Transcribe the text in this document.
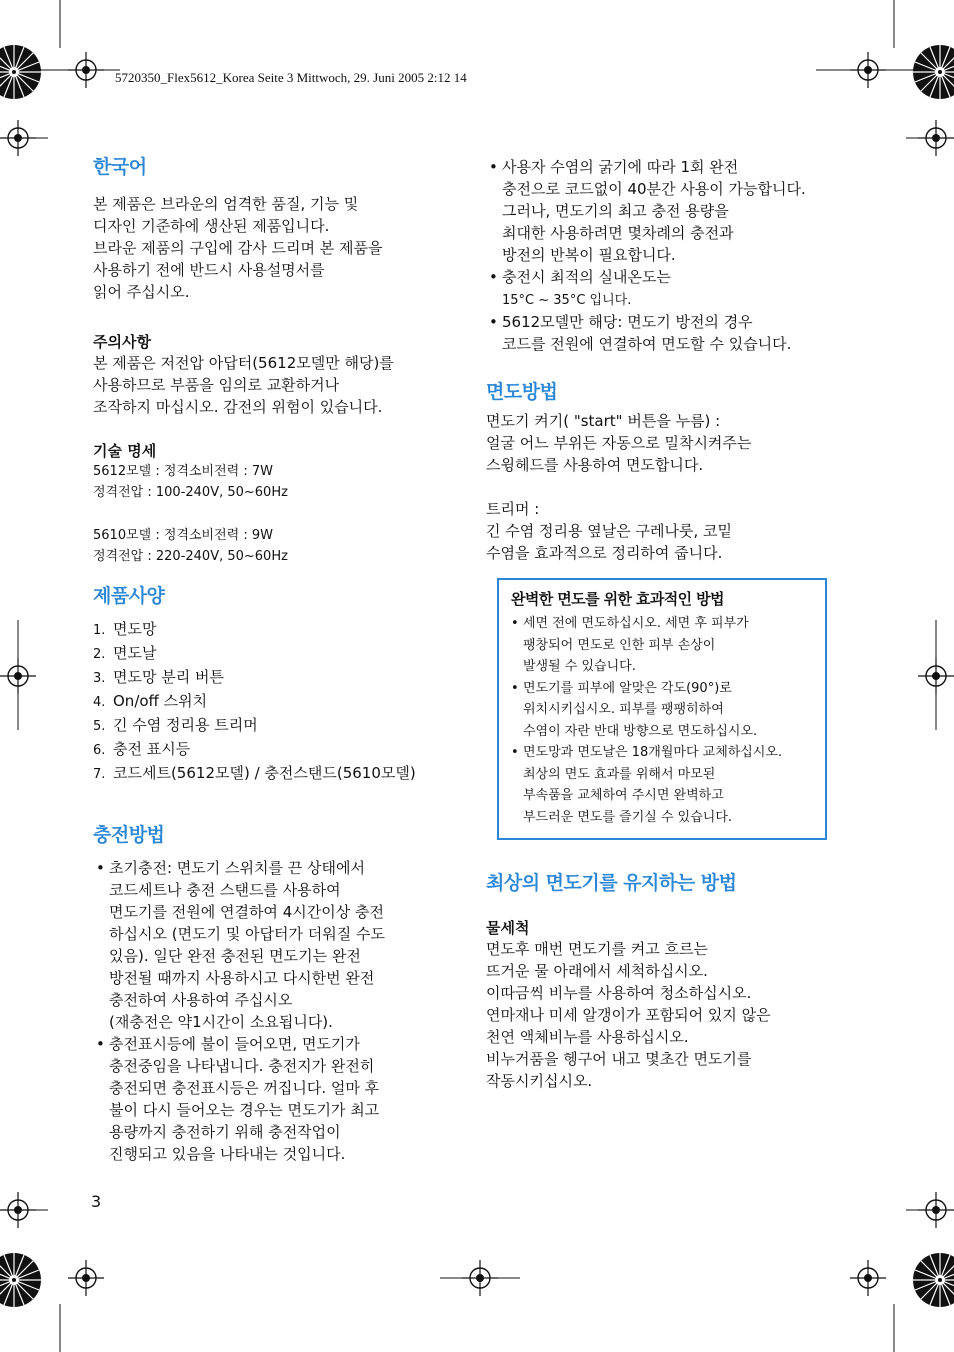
5720350_Flex5612_Korea Seite 3 Mittwoch, 29. Juni 2005 2:12 14
한국어

본 제품은 브라운의 엄격한 품질, 기능 및

디자인 기준하에 생산된 제품입니다.

브라운 제품의 구입에 감사 드리며 본 제품을

사용하기 전에 반드시 사용설명서를

읽어 주십시오.

주의사항

본 제품은 저전압 아답터(5612모델만 해당)를

사용하므로 부품을 임의로 교환하거나

조작하지 마십시오. 감전의 위험이 있습니다.

기술 명세

5612모델 : 정격소비전력 : 7W

정격전압 : 100-240V, 50~60Hz

5610모델 : 정격소비전력 : 9W

정격전압 : 220-240V, 50~60Hz

제품사양
1. 면도망
2. 면도날
3. 면도망 분리 버튼
4. On/off 스위치
5. 긴 수염 정리용 트리머
6. 충전 표시등
7. 코드세트(5612모델) / 충전스탠드(5610모델)
충전방법
• 초기충전: 면도기 스위치를 끈 상태에서
코드세트나 충전 스탠드를 사용하여
면도기를 전원에 연결하여 4시간이상 충전
하십시오 (면도기 및 아답터가 더워질 수도
있음). 일단 완전 충전된 면도기는 완전
방전될 때까지 사용하시고 다시한번 완전
충전하여 사용하여 주십시오
(재충전은 약1시간이 소요됩니다).
• 충전표시등에 불이 들어오면, 면도기가
충전중임을 나타냅니다. 충전지가 완전히
충전되면 충전표시등은 꺼집니다. 얼마 후
불이 다시 들어오는 경우는 면도기가 최고
용량까지 충전하기 위해 충전작업이
진행되고 있음을 나타내는 것입니다.
• 사용자 수염의 굵기에 따라 1회 완전
충전으로 코드없이 40분간 사용이 가능합니다.
그러나, 면도기의 최고 충전 용량을
최대한 사용하려면 몇차례의 충전과
방전의 반복이 필요합니다.
• 충전시 최적의 실내온도는
15°C ~ 35°C 입니다.
• 5612모델만 해당: 면도기 방전의 경우
코드를 전원에 연결하여 면도할 수 있습니다.
면도방법

면도기 켜기( "start" 버튼을 누름) :

얼굴 어느 부위든 자동으로 밀착시켜주는

스윙헤드를 사용하여 면도합니다.

트리머 :

긴 수염 정리용 옆날은 구레나룻, 코밑

수염을 효과적으로 정리하여 줍니다.

완벽한 면도를 위한 효과적인 방법
• 세면 전에 면도하십시오. 세면 후 피부가
팽창되어 면도로 인한 피부 손상이
발생될 수 있습니다.
• 면도기를 피부에 알맞은 각도(90°)로
위치시키십시오. 피부를 팽팽히하여
수염이 자란 반대 방향으로 면도하십시오.
• 면도망과 면도날은 18개월마다 교체하십시오.
최상의 면도 효과를 위해서 마모된
부속품을 교체하여 주시면 완벽하고
부드러운 면도를 즐기실 수 있습니다.
최상의 면도기를 유지하는 방법
물세척

면도후 매번 면도기를 켜고 흐르는

뜨거운 물 아래에서 세척하십시오.

이따금씩 비누를 사용하여 청소하십시오.

연마재나 미세 알갱이가 포함되어 있지 않은

천연 액체비누를 사용하십시오.

비누거품을 헹구어 내고 몇초간 면도기를

작동시키십시오.

3
